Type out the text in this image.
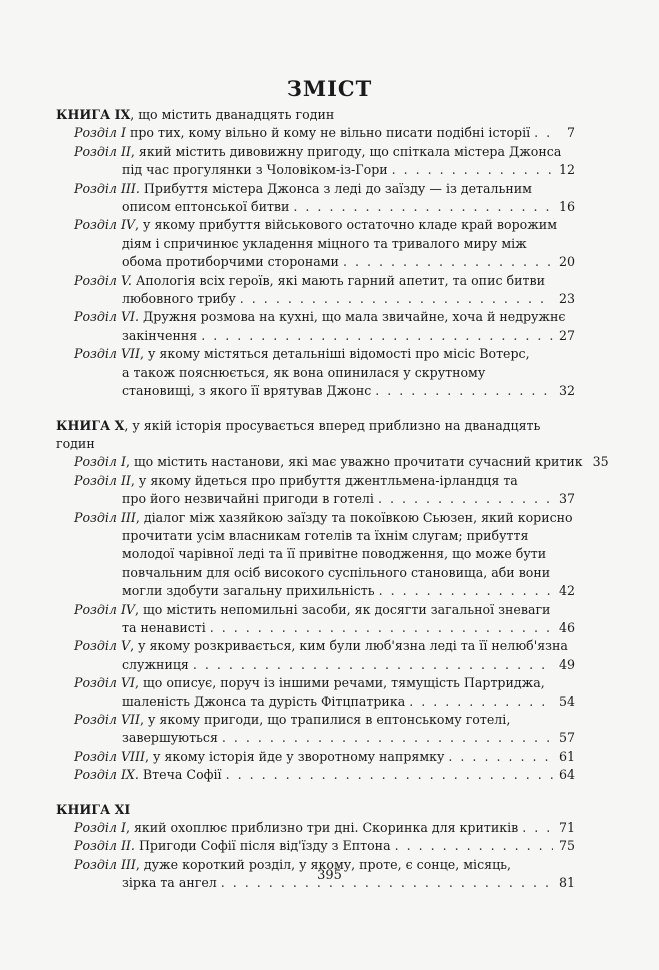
ЗМІСТ
КНИГА IX, що містить дванадцять годин
Розділ І про тих, кому вільно й кому не вільно писати подібні історії . . .	7
Розділ ІІ, який містить дивовижну пригоду, що спіткала містера Джонса
під час прогулянки з Чоловіком-із-Гори . . .	12
Розділ ІІІ. Прибуття містера Джонса з леді до заїзду — із детальним
описом ептонської битви . . .	16
Розділ IV, у якому прибуття військового остаточно кладе край ворожим
діям і спричинює укладення міцного та тривалого миру між
обома протиборчими сторонами . . .	20
Розділ V. Апологія всіх героїв, які мають гарний апетит, та опис битви
любовного трибу . . .	23
Розділ VI. Дружня розмова на кухні, що мала звичайне, хоча й недружнє
закінчення . . .	27
Розділ VII, у якому містяться детальніші відомості про місіс Вотерс,
а також пояснюється, як вона опинилася у скрутному
становищі, з якого її врятував Джонс . . .	32
КНИГА Х, у якій історія просувається вперед приблизно на дванадцять годин
Розділ І, що містить настанови, які має уважно прочитати сучасний критик 35
Розділ ІІ, у якому йдеться про прибуття джентльмена-ірландця та
про його незвичайні пригоди в готелі . . .	37
Розділ ІІІ, діалог між хазяйкою заїзду та покоївкою Сьюзен, який корисно
прочитати усім власникам готелів та їхнім слугам; прибуття
молодої чарівної леді та її привітне поводження, що може бути
повчальним для осіб високого суспільного становища, аби вони
могли здобути загальну прихильність . . .	42
Розділ IV, що містить непомильні засоби, як досягти загальної зневаги
та ненависті . . .	46
Розділ V, у якому розкривається, ким були люб'язна леді та її нелюб'язна
служниця . . .	49
Розділ VI, що описує, поруч із іншими речами, тямущість Партриджа,
шаленість Джонса та дурість Фітцпатрика . . .	54
Розділ VII, у якому пригоди, що трапилися в ептонському готелі,
завершуються . . .	57
Розділ VIII, у якому історія йде у зворотному напрямку . . .	61
Розділ IX. Втеча Софії . . .	64
КНИГА ХІ
Розділ І, який охоплює приблизно три дні. Скоринка для критиків . . .	71
Розділ ІІ. Пригоди Софії після від'їзду з Ептона . . .	75
Розділ ІІІ, дуже короткий розділ, у якому, проте, є сонце, місяць,
зірка та ангел . . .	81
395
